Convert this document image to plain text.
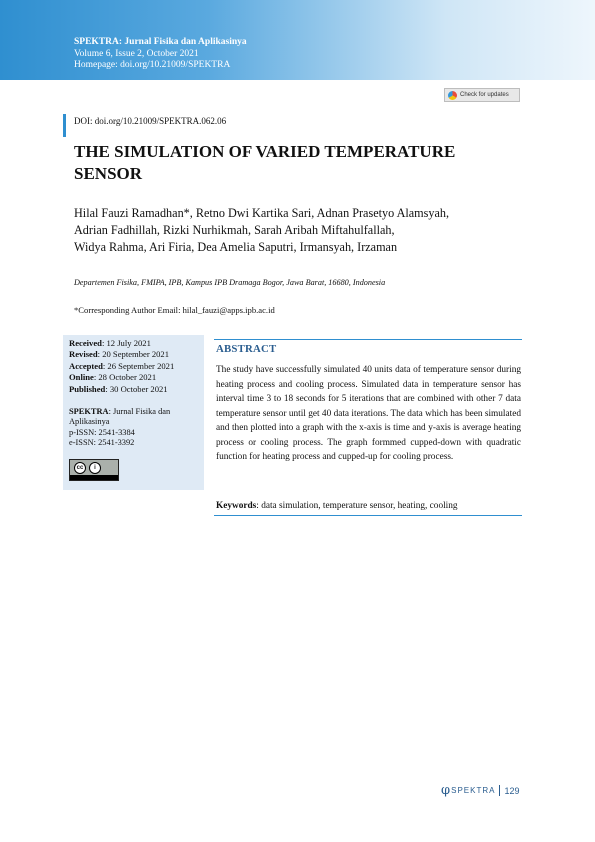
SPEKTRA: Jurnal Fisika dan Aplikasinya
Volume 6, Issue 2, October 2021
Homepage: doi.org/10.21009/SPEKTRA
Check for updates
DOI: doi.org/10.21009/SPEKTRA.062.06
THE SIMULATION OF VARIED TEMPERATURE
SENSOR
Hilal Fauzi Ramadhan*, Retno Dwi Kartika Sari, Adnan Prasetyo Alamsyah,
Adrian Fadhillah, Rizki Nurhikmah, Sarah Aribah Miftahulfallah,
Widya Rahma, Ari Firia, Dea Amelia Saputri, Irmansyah, Irzaman
Departemen Fisika, FMIPA, IPB, Kampus IPB Dramaga Bogor, Jawa Barat, 16680, Indonesia
*Corresponding Author Email: hilal_fauzi@apps.ipb.ac.id
Received: 12 July 2021
Revised: 20 September 2021
Accepted: 26 September 2021
Online: 28 October 2021
Published: 30 October 2021
SPEKTRA: Jurnal Fisika dan
Aplikasinya
p-ISSN: 2541-3384
e-ISSN: 2541-3392
cc	i
ABSTRACT

The study have successfully simulated 40 units data of temperature sensor during heating process and cooling process. Simulated data in temperature sensor has interval time 3 to 18 seconds for 5 iterations that are combined with other 7 data temperature sensor until get 40 data iterations. The data which has been simulated and then plotted into a graph with the x-axis is time and y-axis is average heating process or cooling process. The graph formmed cupped-down with quadratic function for heating process and cupped-up for cooling process.

Keywords: data simulation, temperature sensor, heating, cooling
φ SPEKTRA 129
